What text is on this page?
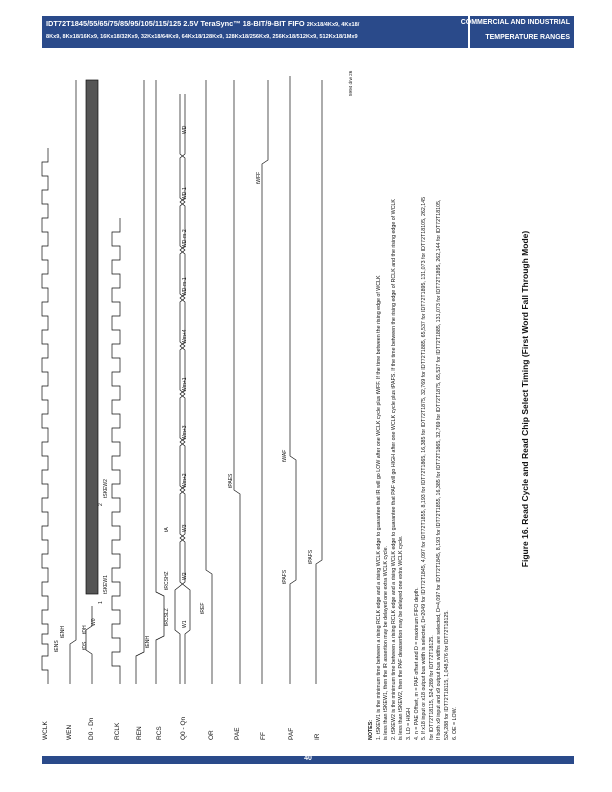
IDT72T1845/55/65/75/85/95/105/115/125 2.5V TeraSync™ 18-BIT/9-BIT FIFO 2Kx18/4Kx9, 4Kx18/
8Kx9, 8Kx18/16Kx9, 16Kx18/32Kx9, 32Kx18/64Kx9, 64Kx18/128Kx9, 128Kx18/256Kx9, 256Kx18/512Kx9, 512Kx18/1Mx9
COMMERCIAL AND INDUSTRIAL
TEMPERATURE RANGES
WCLK	WEN D0 - Dn	RCLK REN RCS	Q0 - Qn	OR	PAE	FF	PAF	IR
tENS
tENH
tDS
tDH
W0
tSKEW1
tSKEW2
1
2
tENH
tRCSLZ
tRCSHZ
tREF
tA
W1
W2
W3
Wm+2
Wm+3
Wm+1
Wm+4
WD-m-1
WD-m-2
WD-1
WD
tPAES
tWFF
tPAFS
tWAF
tPAFS
5994 drw 26
NOTES: 1. tSKEW1 is the minimum time between a rising RCLK edge and a rising WCLK edge to guarantee that IR will go LOW after one WCLK cycle plus tWFF. If the time between the rising edge of WCLK is less than tSKEW1, then the IR assertion may be delayed one extra WCLK cycle. 2. tSKEW2 is the minimum time between a rising RCLK edge and a rising WCLK edge to guarantee that PAF will go HIGH after one WCLK cycle plus tPAFS. If the time between the rising edge of RCLK and the rising edge of WCLK is less than tSKEW2, then the PAF deassertion may be delayed one extra WCLK cycle. 3. LD = HIGH 4. n = PAE Offset, m = PAF offset and D = maximum FIFO depth. 5. If x18 input or x18 output bus width is selected, D=2049 for IDT72T1845, 4,097 for IDT72T1855, 8,193 for IDT72T1865, 16,385 for IDT72T1875, 32,769 for IDT72T1885, 65,537 for IDT72T1895, 131,073 for IDT72T18105, 262,145 for IDT72T18115, 524,289 for IDT72T18125. If both x9 input and x9 output bus widths are selected, D=4,097 for IDT72T1845, 8,193 for IDT72T1855, 16,385 for IDT72T1865, 32,769 for IDT72T1875, 65,537 for IDT72T1885, 131,073 for IDT72T1895, 262,144 for IDT72T18105, 524,288 for IDT72T18115, 1,048,576 for IDT72T18125. 6. OE = LOW.
Figure 16. Read Cycle and Read Chip Select Timing (First Word Fall Through Mode)
40
